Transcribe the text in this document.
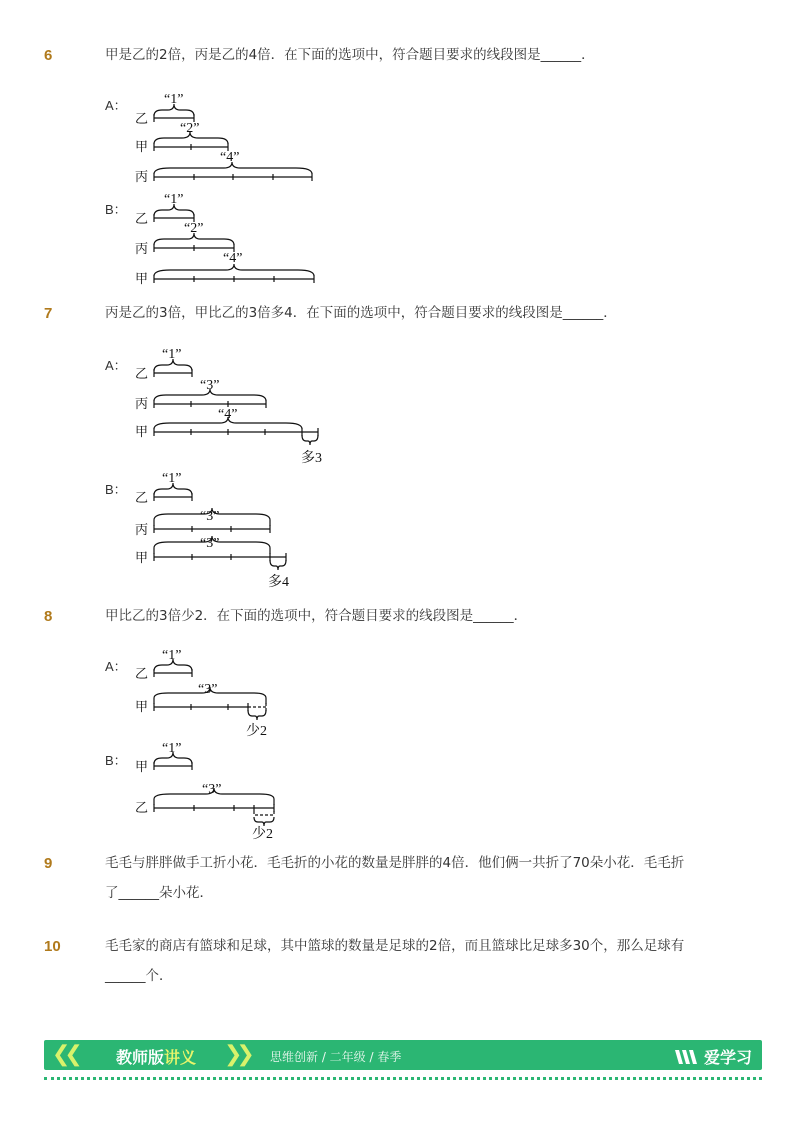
6	甲是乙的2倍，丙是乙的4倍．在下面的选项中，符合题目要求的线段图是______．
A：
乙
“1”
甲
“2”
丙
“4”
B：
乙
“1”
丙
“2”
甲
“4”
7	丙是乙的3倍，甲比乙的3倍多4．在下面的选项中，符合题目要求的线段图是______．
A：
乙
“1”
丙
“3”
甲
“4”
多3
B：
乙
“1”
丙
“3”
甲
“3”
多4
8	甲比乙的3倍少2．在下面的选项中，符合题目要求的线段图是______．
A：
乙
“1”
甲
“3”
少2
B： 甲
“1”
乙
“3”
少2
9	毛毛与胖胖做手工折小花．毛毛折的小花的数量是胖胖的4倍．他们俩一共折了70朵小花．毛毛折
了______朵小花．
10	毛毛家的商店有篮球和足球，其中篮球的数量是足球的2倍，而且篮球比足球多30个，那么足球有
______个．
❮❮ 教师版讲义 ❯❯ 思维创新 / 二年级 / 春季	爱学习
